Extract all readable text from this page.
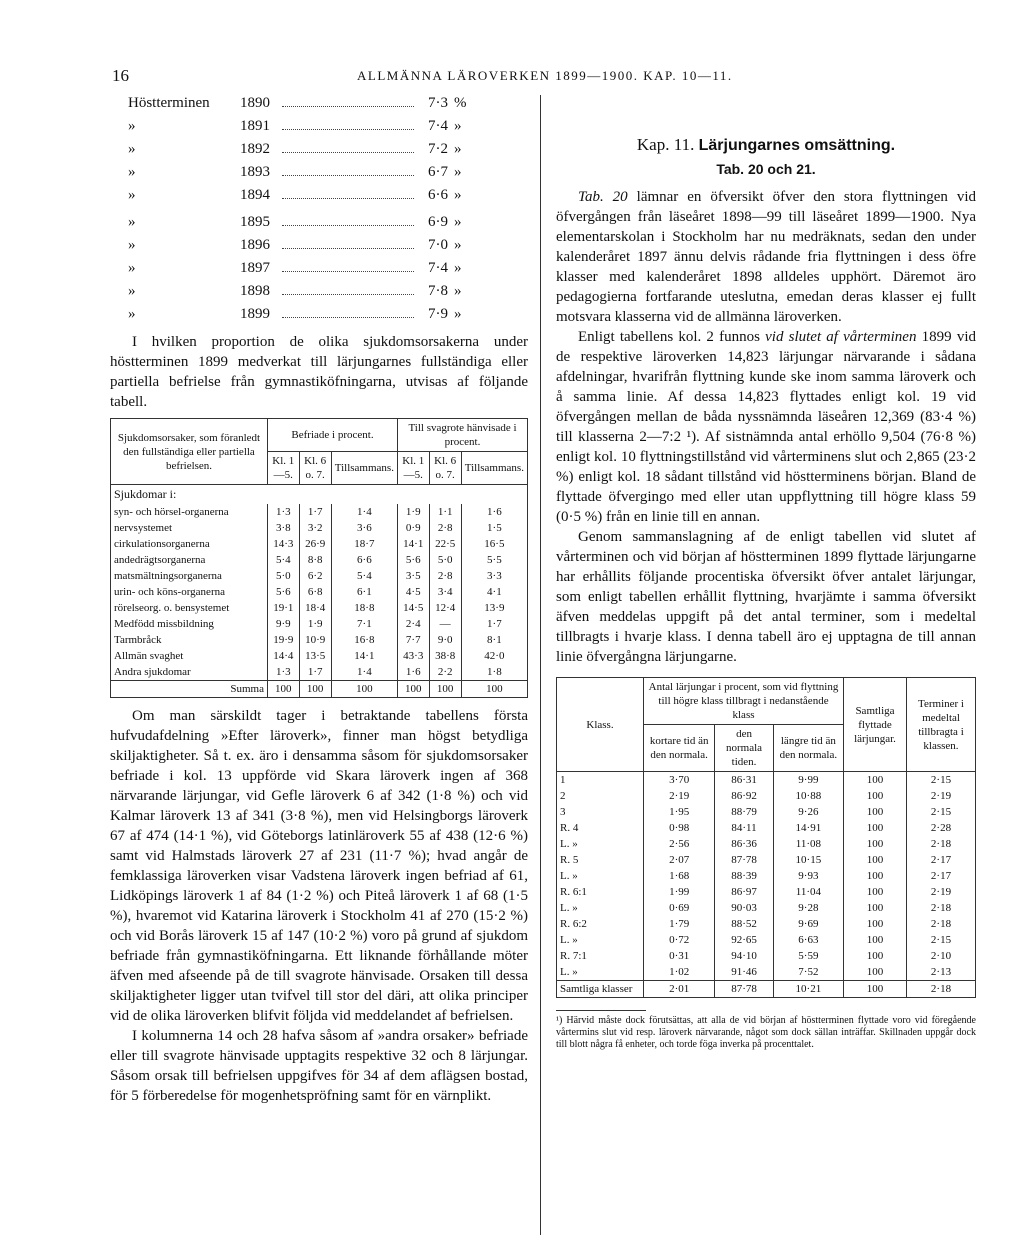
16	ALLMÄNNA LÄROVERKEN 1899—1900. KAP. 10—11.
Höstterminen	1890	7·3 %
»	1891	7·4 »
»	1892	7·2 »
»	1893	6·7 »
»	1894	6·6 »
»	1895	6·9 »
»	1896	7·0 »
»	1897	7·4 »
»	1898	7·8 »
»	1899	7·9 »

I hvilken proportion de olika sjukdomsorsakerna under höstterminen 1899 medverkat till lärjungarnes fullständiga eller partiella befrielse från gymnastiköfningarna, utvisas af följande tabell.

Sjukdomsorsaker, som föranledt den fullständiga eller partiella befrielsen.	Befriade i procent.			Till svagrote hänvisade i procent.		
	Kl. 1—5.	Kl. 6 o. 7.	Tillsammans.	Kl. 1—5.	Kl. 6 o. 7.	Tillsammans.
Sjukdomar i:						
syn- och hörsel-organerna	1·3	1·7	1·4	1·9	1·1	1·6
nervsystemet	3·8	3·2	3·6	0·9	2·8	1·5
cirkulationsorganerna	14·3	26·9	18·7	14·1	22·5	16·5
andedrägtsorganerna	5·4	8·8	6·6	5·6	5·0	5·5
matsmältningsorganerna	5·0	6·2	5·4	3·5	2·8	3·3
urin- och köns-organerna	5·6	6·8	6·1	4·5	3·4	4·1
rörelseorg. o. bensystemet	19·1	18·4	18·8	14·5	12·4	13·9
Medfödd missbildning	9·9	1·9	7·1	2·4	—	1·7
Tarmbråck	19·9	10·9	16·8	7·7	9·0	8·1
Allmän svaghet	14·4	13·5	14·1	43·3	38·8	42·0
Andra sjukdomar	1·3	1·7	1·4	1·6	2·2	1·8
Summa	100	100	100	100	100	100

Om man särskildt tager i betraktande tabellens första hufvudafdelning »Efter läroverk», finner man högst betydliga skiljaktigheter. Så t. ex. äro i densamma såsom för sjukdomsorsaker befriade i kol. 13 uppförde vid Skara läroverk ingen af 368 närvarande lärjungar, vid Gefle läroverk 6 af 342 (1·8 %) och vid Kalmar läroverk 13 af 341 (3·8 %), men vid Helsingborgs läroverk 67 af 474 (14·1 %), vid Göteborgs latinläroverk 55 af 438 (12·6 %) samt vid Halmstads läroverk 27 af 231 (11·7 %); hvad angår de femklassiga läroverken visar Vadstena läroverk ingen befriad af 61, Lidköpings läroverk 1 af 84 (1·2 %) och Piteå läroverk 1 af 68 (1·5 %), hvaremot vid Katarina läroverk i Stockholm 41 af 270 (15·2 %) och vid Borås läroverk 15 af 147 (10·2 %) voro på grund af sjukdom befriade från gymnastiköfningarna. Ett liknande förhållande möter äfven med afseende på de till svagrote hänvisade. Orsaken till dessa skiljaktigheter ligger utan tvifvel till stor del däri, att olika principer vid de olika läroverken blifvit följda vid meddelandet af befrielsen.

I kolumnerna 14 och 28 hafva såsom af »andra orsaker» befriade eller till svagrote hänvisade upptagits respektive 32 och 8 lärjungar. Såsom orsak till befrielsen uppgifves för 34 af dem aflägsen bostad, för 5 förberedelse för mogenhetspröfning samt för en värnplikt.

Kap. 11. Lärjungarnes omsättning.
Tab. 20 och 21.

Tab. 20 lämnar en öfversikt öfver den stora flyttningen vid öfvergången från läseåret 1898—99 till läseåret 1899—1900. Nya elementarskolan i Stockholm har nu medräknats, sedan den under kalenderåret 1897 ännu delvis rådande fria flyttningen i dess öfre klasser med kalenderåret 1898 alldeles upphört. Däremot äro pedagogierna fortfarande uteslutna, emedan deras klasser ej fullt motsvara klasserna vid de allmänna läroverken.

Enligt tabellens kol. 2 funnos vid slutet af vårterminen 1899 vid de respektive läroverken 14,823 lärjungar närvarande i sådana afdelningar, hvarifrån flyttning kunde ske inom samma läroverk och å samma linie. Af dessa 14,823 flyttades enligt kol. 19 vid öfvergången mellan de båda nyssnämnda läseåren 12,369 (83·4 %) till klasserna 2—7:2 ¹). Af sistnämnda antal erhöllo 9,504 (76·8 %) enligt kol. 10 flyttningstillstånd vid vårterminens slut och 2,865 (23·2 %) enligt kol. 18 sådant tillstånd vid höstterminens början. Bland de flyttade öfvergingo med eller utan uppflyttning till högre klass 59 (0·5 %) från en linie till en annan.

Genom sammanslagning af de enligt tabellen vid slutet af vårterminen och vid början af höstterminen 1899 flyttade lärjungarne har erhållits följande procentiska öfversikt öfver antalet lärjungar, som enligt tabellen erhållit flyttning, hvarjämte i samma öfversikt äfven meddelas uppgift på det antal terminer, som i medeltal tillbragts i hvarje klass. I denna tabell äro ej upptagna de till annan linie öfvergångna lärjungarne.

Klass.	Antal lärjungar i procent, som vid flyttning till högre klass tillbragt i nedanstående klass			Samtliga flyttade lärjungar.	Terminer i medeltal tillbragta i klassen.
	kortare tid än den normala.	den normala tiden.	längre tid än den normala.		
1	3·70	86·31	9·99	100	2·15
2	2·19	86·92	10·88	100	2·19
3	1·95	88·79	9·26	100	2·15
R. 4	0·98	84·11	14·91	100	2·28
L. »	2·56	86·36	11·08	100	2·18
R. 5	2·07	87·78	10·15	100	2·17
L. »	1·68	88·39	9·93	100	2·17
R. 6:1	1·99	86·97	11·04	100	2·19
L. »	0·69	90·03	9·28	100	2·18
R. 6:2	1·79	88·52	9·69	100	2·18
L. »	0·72	92·65	6·63	100	2·15
R. 7:1	0·31	94·10	5·59	100	2·10
L. »	1·02	91·46	7·52	100	2·13
Samtliga klasser	2·01	87·78	10·21	100	2·18
¹) Härvid måste dock förutsättas, att alla de vid början af höstterminen flyttade voro vid föregående vårtermins slut vid resp. läroverk närvarande, något som dock sällan inträffar. Skillnaden uppgår dock till blott några få enheter, och torde föga inverka på procenttalet.
